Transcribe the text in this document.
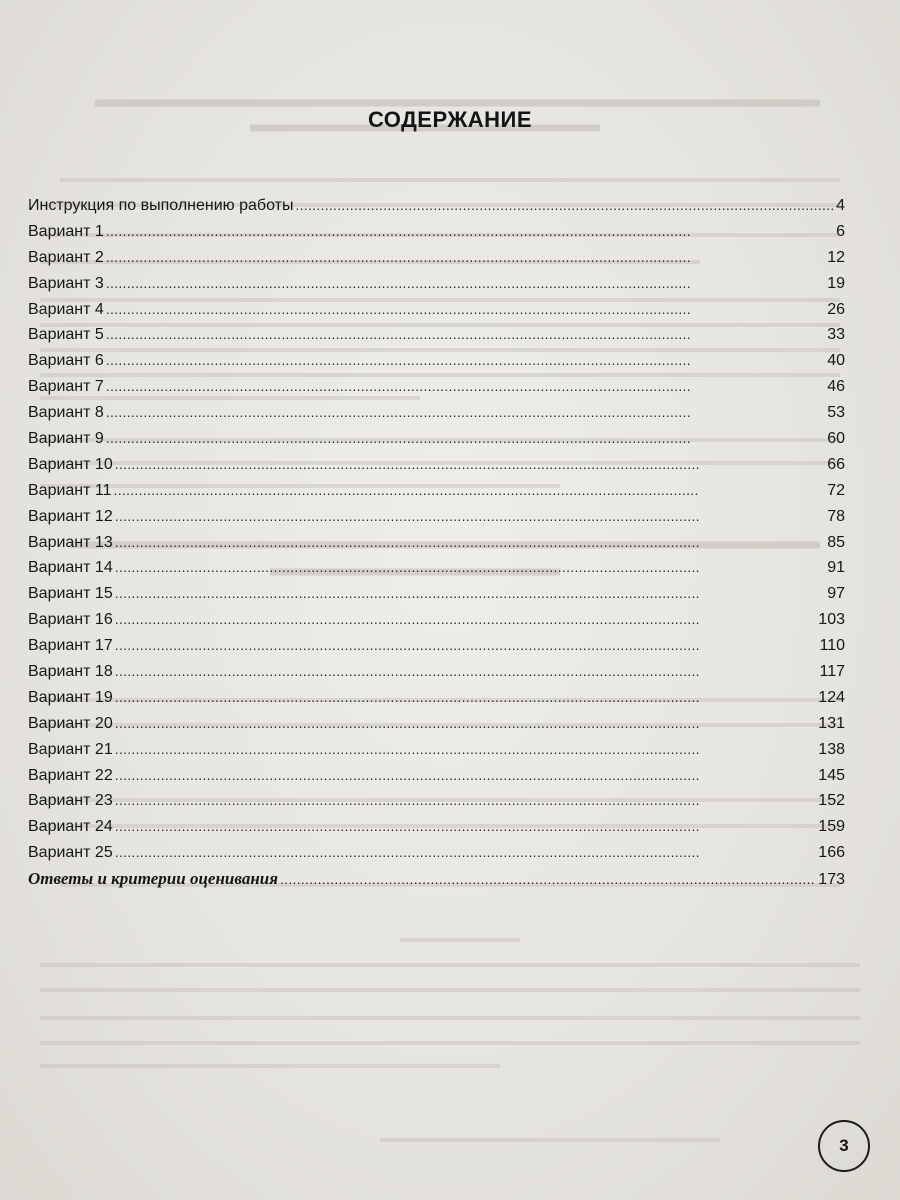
СОДЕРЖАНИЕ
Инструкция по выполнению работы . . .	4
Вариант 1 . . .	6
Вариант 2 . . .	12
Вариант 3 . . .	19
Вариант 4 . . .	26
Вариант 5 . . .	33
Вариант 6 . . .	40
Вариант 7 . . .	46
Вариант 8 . . .	53
Вариант 9 . . .	60
Вариант 10 . . .	66
Вариант 11 . . .	72
Вариант 12 . . .	78
Вариант 13 . . .	85
Вариант 14 . . .	91
Вариант 15 . . .	97
Вариант 16 . . .	103
Вариант 17 . . .	110
Вариант 18 . . .	117
Вариант 19 . . .	124
Вариант 20 . . .	131
Вариант 21 . . .	138
Вариант 22 . . .	145
Вариант 23 . . .	152
Вариант 24 . . .	159
Вариант 25 . . .	166
Ответы и критерии оценивания . . .	173
3
